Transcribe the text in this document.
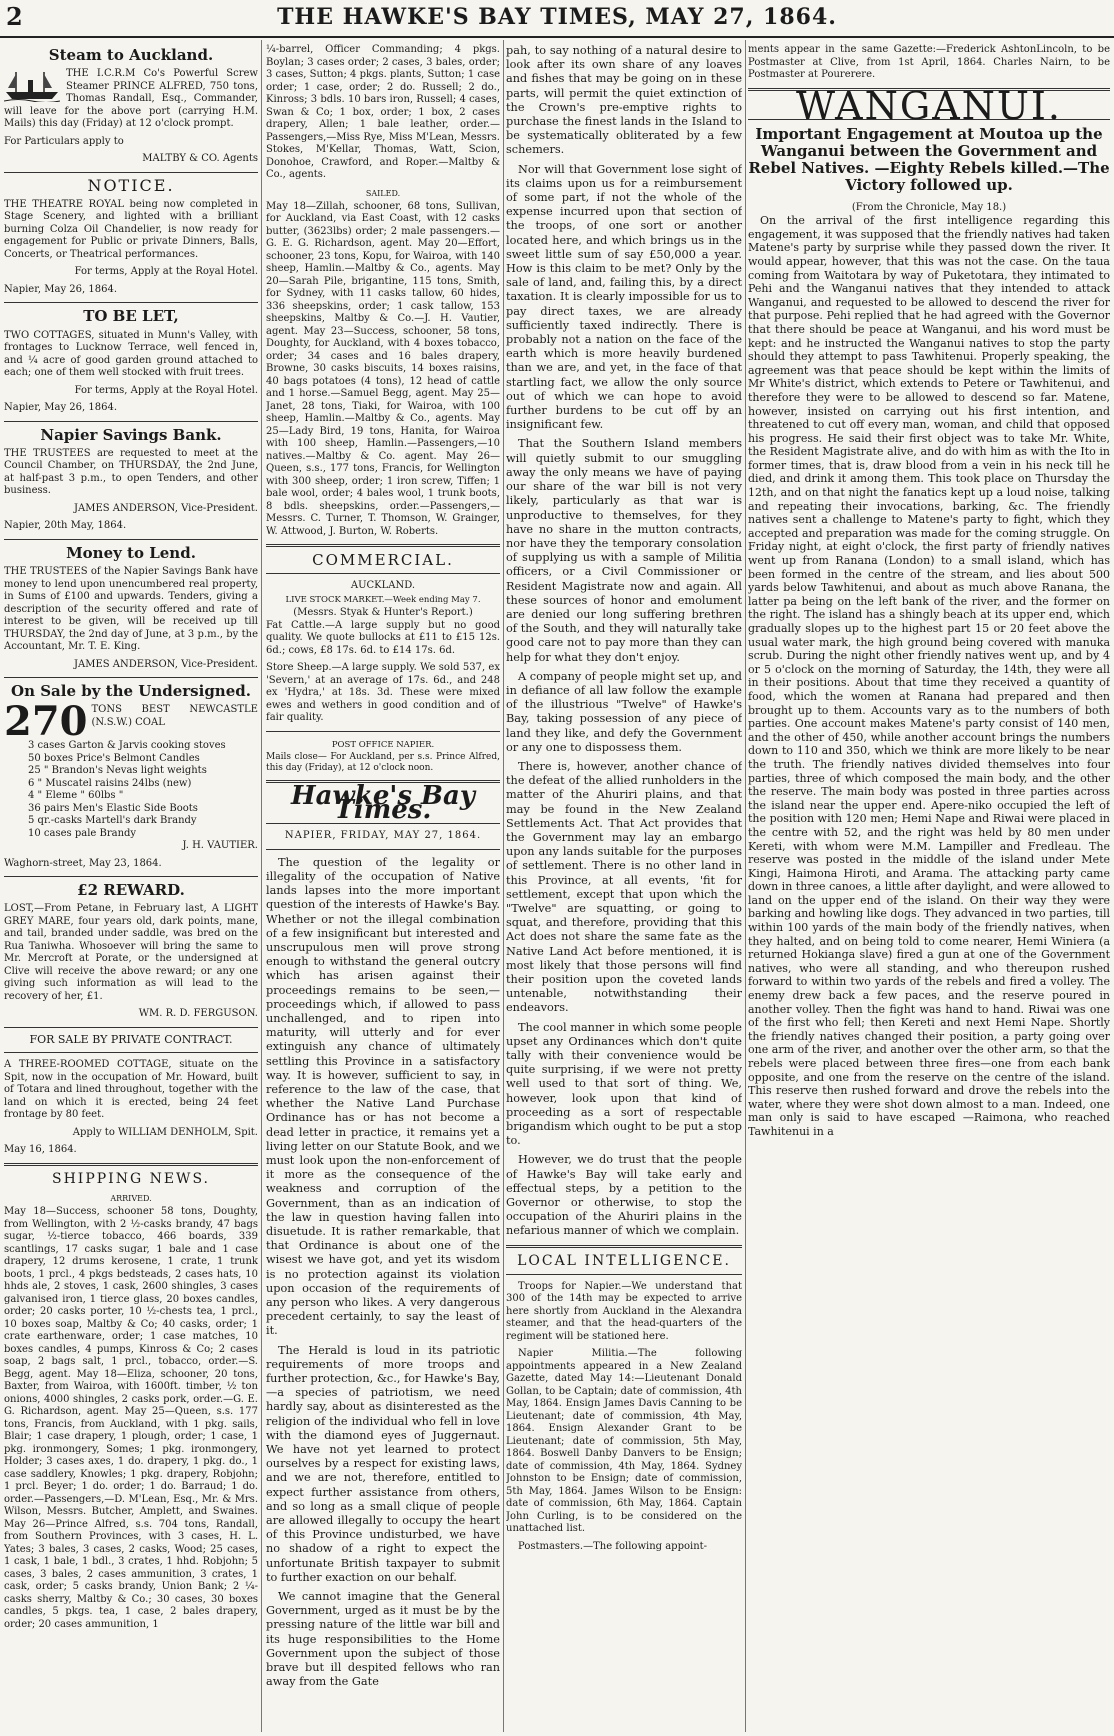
2	THE HAWKE'S BAY TIMES, MAY 27, 1864.
Steam to Auckland.

THE I.C.R.M Co's Powerful Screw Steamer PRINCE ALFRED, 750 tons, Thomas Randall, Esq., Commander, will leave for the above port (carrying H.M. Mails) this day (Friday) at 12 o'clock prompt.

For Particulars apply to

MALTBY & CO. Agents

NOTICE.

THE THEATRE ROYAL being now completed in Stage Scenery, and lighted with a brilliant burning Colza Oil Chandelier, is now ready for engagement for Public or private Dinners, Balls, Concerts, or Theatrical performances.

For terms, Apply at the Royal Hotel.

Napier, May 26, 1864.

TO BE LET,

TWO COTTAGES, situated in Munn's Valley, with frontages to Lucknow Terrace, well fenced in, and ¼ acre of good garden ground attached to each; one of them well stocked with fruit trees.

For terms, Apply at the Royal Hotel.

Napier, May 26, 1864.

Napier Savings Bank.

THE TRUSTEES are requested to meet at the Council Chamber, on THURSDAY, the 2nd June, at half-past 3 p.m., to open Tenders, and other business.

JAMES ANDERSON, Vice-President.

Napier, 20th May, 1864.

Money to Lend.

THE TRUSTEES of the Napier Savings Bank have money to lend upon unencumbered real property, in Sums of £100 and upwards. Tenders, giving a description of the security offered and rate of interest to be given, will be received up till THURSDAY, the 2nd day of June, at 3 p.m., by the Accountant, Mr. T. E. King.

JAMES ANDERSON, Vice-President.

On Sale by the Undersigned.
270 TONS BEST NEWCASTLE (N.S.W.) COAL
3 cases Garton & Jarvis cooking stoves
50 boxes Price's Belmont Candles
25 " Brandon's Nevas light weights
6 " Muscatel raisins 24lbs (new)
4 " Eleme " 60lbs "
36 pairs Men's Elastic Side Boots
5 qr.-casks Martell's dark Brandy
10 cases pale Brandy

J. H. VAUTIER.

Waghorn-street, May 23, 1864.

£2 REWARD.

LOST,—From Petane, in February last, A LIGHT GREY MARE, four years old, dark points, mane, and tail, branded under saddle, was bred on the Rua Taniwha. Whosoever will bring the same to Mr. Mercroft at Porate, or the undersigned at Clive will receive the above reward; or any one giving such information as will lead to the recovery of her, £1.

WM. R. D. FERGUSON.

FOR SALE BY PRIVATE CONTRACT.

A THREE-ROOMED COTTAGE, situate on the Spit, now in the occupation of Mr. Howard, built of Totara and lined throughout, together with the land on which it is erected, being 24 feet frontage by 80 feet.

Apply to WILLIAM DENHOLM, Spit.

May 16, 1864.

SHIPPING NEWS.
ARRIVED.

May 18—Success, schooner 58 tons, Doughty, from Wellington, with 2 ½-casks brandy, 47 bags sugar, ½-tierce tobacco, 466 boards, 339 scantlings, 17 casks sugar, 1 bale and 1 case drapery, 12 drums kerosene, 1 crate, 1 trunk boots, 1 prcl., 4 pkgs bedsteads, 2 cases hats, 10 hhds ale, 2 stoves, 1 cask, 2600 shingles, 3 cases galvanised iron, 1 tierce glass, 20 boxes candles, order; 20 casks porter, 10 ½-chests tea, 1 prcl., 10 boxes soap, Maltby & Co; 40 casks, order; 1 crate earthenware, order; 1 case matches, 10 boxes candles, 4 pumps, Kinross & Co; 2 cases soap, 2 bags salt, 1 prcl., tobacco, order.—S. Begg, agent. May 18—Eliza, schooner, 20 tons, Baxter, from Wairoa, with 1600ft. timber, ½ ton onions, 4000 shingles, 2 casks pork, order.—G. E. G. Richardson, agent. May 25—Queen, s.s. 177 tons, Francis, from Auckland, with 1 pkg. sails, Blair; 1 case drapery, 1 plough, order; 1 case, 1 pkg. ironmongery, Somes; 1 pkg. ironmongery, Holder; 3 cases axes, 1 do. drapery, 1 pkg. do., 1 case saddlery, Knowles; 1 pkg. drapery, Robjohn; 1 prcl. Beyer; 1 do. order; 1 do. Barraud; 1 do. order.—Passengers,—D. M'Lean, Esq., Mr. & Mrs. Wilson, Messrs. Butcher, Amplett, and Swaines. May 26—Prince Alfred, s.s. 704 tons, Randall, from Southern Provinces, with 3 cases, H. L. Yates; 3 bales, 3 cases, 2 casks, Wood; 25 cases, 1 cask, 1 bale, 1 bdl., 3 crates, 1 hhd. Robjohn; 5 cases, 3 bales, 2 cases ammunition, 3 crates, 1 cask, order; 5 casks brandy, Union Bank; 2 ¼-casks sherry, Maltby & Co.; 30 cases, 30 boxes candles, 5 pkgs. tea, 1 case, 2 bales drapery, order; 20 cases ammunition, 1

¼-barrel, Officer Commanding; 4 pkgs. Boylan; 3 cases order; 2 cases, 3 bales, order; 3 cases, Sutton; 4 pkgs. plants, Sutton; 1 case order; 1 case, order; 2 do. Russell; 2 do., Kinross; 3 bdls. 10 bars iron, Russell; 4 cases, Swan & Co; 1 box, order; 1 box, 2 cases drapery, Allen; 1 bale leather, order.—Passengers,—Miss Rye, Miss M'Lean, Messrs. Stokes, M'Kellar, Thomas, Watt, Scion, Donohoe, Crawford, and Roper.—Maltby & Co., agents.

SAILED.

May 18—Zillah, schooner, 68 tons, Sullivan, for Auckland, via East Coast, with 12 casks butter, (3623lbs) order; 2 male passengers.—G. E. G. Richardson, agent. May 20—Effort, schooner, 23 tons, Kopu, for Wairoa, with 140 sheep, Hamlin.—Maltby & Co., agents. May 20—Sarah Pile, brigantine, 115 tons, Smith, for Sydney, with 11 casks tallow, 60 hides, 336 sheepskins, order; 1 cask tallow, 153 sheepskins, Maltby & Co.—J. H. Vautier, agent. May 23—Success, schooner, 58 tons, Doughty, for Auckland, with 4 boxes tobacco, order; 34 cases and 16 bales drapery, Browne, 30 casks biscuits, 14 boxes raisins, 40 bags potatoes (4 tons), 12 head of cattle and 1 horse.—Samuel Begg, agent. May 25—Janet, 28 tons, Tiaki, for Wairoa, with 100 sheep, Hamlin.—Maltby & Co., agents. May 25—Lady Bird, 19 tons, Hanita, for Wairoa with 100 sheep, Hamlin.—Passengers,—10 natives.—Maltby & Co. agent. May 26—Queen, s.s., 177 tons, Francis, for Wellington with 300 sheep, order; 1 iron screw, Tiffen; 1 bale wool, order; 4 bales wool, 1 trunk boots, 8 bdls. sheepskins, order.—Passengers,—Messrs. C. Turner, T. Thomson, W. Grainger, W. Attwood, J. Burton, W. Roberts.

COMMERCIAL.
AUCKLAND.
LIVE STOCK MARKET.—Week ending May 7.
(Messrs. Styak & Hunter's Report.)

Fat Cattle.—A large supply but no good quality. We quote bullocks at £11 to £15 12s. 6d.; cows, £8 17s. 6d. to £14 17s. 6d.

Store Sheep.—A large supply. We sold 537, ex 'Severn,' at an average of 17s. 6d., and 248 ex 'Hydra,' at 18s. 3d. These were mixed ewes and wethers in good condition and of fair quality.

POST OFFICE NAPIER.

Mails close— For Auckland, per s.s. Prince Alfred, this day (Friday), at 12 o'clock noon.

Hawke's Bay Times.
NAPIER, FRIDAY, MAY 27, 1864.

The question of the legality or illegality of the occupation of Native lands lapses into the more important question of the interests of Hawke's Bay. Whether or not the illegal combination of a few insignificant but interested and unscrupulous men will prove strong enough to withstand the general outcry which has arisen against their proceedings remains to be seen,—proceedings which, if allowed to pass unchallenged, and to ripen into maturity, will utterly and for ever extinguish any chance of ultimately settling this Province in a satisfactory way. It is however, sufficient to say, in reference to the law of the case, that whether the Native Land Purchase Ordinance has or has not become a dead letter in practice, it remains yet a living letter on our Statute Book, and we must look upon the non-enforcement of it more as the consequence of the weakness and corruption of the Government, than as an indication of the law in question having fallen into disuetude. It is rather remarkable, that that Ordinance is about one of the wisest we have got, and yet its wisdom is no protection against its violation upon occasion of the requirements of any person who likes. A very dangerous precedent certainly, to say the least of it.

The Herald is loud in its patriotic requirements of more troops and further protection, &c., for Hawke's Bay,—a species of patriotism, we need hardly say, about as disinterested as the religion of the individual who fell in love with the diamond eyes of Juggernaut. We have not yet learned to protect ourselves by a respect for existing laws, and we are not, therefore, entitled to expect further assistance from others, and so long as a small clique of people are allowed illegally to occupy the heart of this Province undisturbed, we have no shadow of a right to expect the unfortunate British taxpayer to submit to further exaction on our behalf.

We cannot imagine that the General Government, urged as it must be by the pressing nature of the little war bill and its huge responsibilities to the Home Government upon the subject of those brave but ill despited fellows who ran away from the Gate

pah, to say nothing of a natural desire to look after its own share of any loaves and fishes that may be going on in these parts, will permit the quiet extinction of the Crown's pre-emptive rights to purchase the finest lands in the Island to be systematically obliterated by a few schemers.

Nor will that Government lose sight of its claims upon us for a reimbursement of some part, if not the whole of the expense incurred upon that section of the troops, of one sort or another located here, and which brings us in the sweet little sum of say £50,000 a year. How is this claim to be met? Only by the sale of land, and, failing this, by a direct taxation. It is clearly impossible for us to pay direct taxes, we are already sufficiently taxed indirectly. There is probably not a nation on the face of the earth which is more heavily burdened than we are, and yet, in the face of that startling fact, we allow the only source out of which we can hope to avoid further burdens to be cut off by an insignificant few.

That the Southern Island members will quietly submit to our smuggling away the only means we have of paying our share of the war bill is not very likely, particularly as that war is unproductive to themselves, for they have no share in the mutton contracts, nor have they the temporary consolation of supplying us with a sample of Militia officers, or a Civil Commissioner or Resident Magistrate now and again. All these sources of honor and emolument are denied our long suffering brethren of the South, and they will naturally take good care not to pay more than they can help for what they don't enjoy.

A company of people might set up, and in defiance of all law follow the example of the illustrious "Twelve" of Hawke's Bay, taking possession of any piece of land they like, and defy the Government or any one to dispossess them.

There is, however, another chance of the defeat of the allied runholders in the matter of the Ahuriri plains, and that may be found in the New Zealand Settlements Act. That Act provides that the Government may lay an embargo upon any lands suitable for the purposes of settlement. There is no other land in this Province, at all events, 'fit for settlement, except that upon which the "Twelve" are squatting, or going to squat, and therefore, providing that this Act does not share the same fate as the Native Land Act before mentioned, it is most likely that those persons will find their position upon the coveted lands untenable, notwithstanding their endeavors.

The cool manner in which some people upset any Ordinances which don't quite tally with their convenience would be quite surprising, if we were not pretty well used to that sort of thing. We, however, look upon that kind of proceeding as a sort of respectable brigandism which ought to be put a stop to.

However, we do trust that the people of Hawke's Bay will take early and effectual steps, by a petition to the Governor or otherwise, to stop the occupation of the Ahuriri plains in the nefarious manner of which we complain.

LOCAL INTELLIGENCE.

Troops for Napier.—We understand that 300 of the 14th may be expected to arrive here shortly from Auckland in the Alexandra steamer, and that the head-quarters of the regiment will be stationed here.

Napier Militia.—The following appointments appeared in a New Zealand Gazette, dated May 14:—Lieutenant Donald Gollan, to be Captain; date of commission, 4th May, 1864. Ensign James Davis Canning to be Lieutenant; date of commission, 4th May, 1864. Ensign Alexander Grant to be Lieutenant; date of commission, 5th May, 1864. Boswell Danby Danvers to be Ensign; date of commission, 4th May, 1864. Sydney Johnston to be Ensign; date of commission, 5th May, 1864. James Wilson to be Ensign: date of commission, 6th May, 1864. Captain John Curling, is to be considered on the unattached list.

Postmasters.—The following appoint-

ments appear in the same Gazette:—Frederick AshtonLincoln, to be Postmaster at Clive, from 1st April, 1864. Charles Nairn, to be Postmaster at Pourerere.

WANGANUI.
Important Engagement at Moutoa up the Wanganui between the Government and Rebel Natives. —Eighty Rebels killed.—The Victory followed up.
(From the Chronicle, May 18.)

On the arrival of the first intelligence regarding this engagement, it was supposed that the friendly natives had taken Matene's party by surprise while they passed down the river. It would appear, however, that this was not the case. On the taua coming from Waitotara by way of Puketotara, they intimated to Pehi and the Wanganui natives that they intended to attack Wanganui, and requested to be allowed to descend the river for that purpose. Pehi replied that he had agreed with the Governor that there should be peace at Wanganui, and his word must be kept: and he instructed the Wanganui natives to stop the party should they attempt to pass Tawhitenui. Properly speaking, the agreement was that peace should be kept within the limits of Mr White's district, which extends to Petere or Tawhitenui, and therefore they were to be allowed to descend so far. Matene, however, insisted on carrying out his first intention, and threatened to cut off every man, woman, and child that opposed his progress. He said their first object was to take Mr. White, the Resident Magistrate alive, and do with him as with the Ito in former times, that is, draw blood from a vein in his neck till he died, and drink it among them. This took place on Thursday the 12th, and on that night the fanatics kept up a loud noise, talking and repeating their invocations, barking, &c. The friendly natives sent a challenge to Matene's party to fight, which they accepted and preparation was made for the coming struggle. On Friday night, at eight o'clock, the first party of friendly natives went up from Ranana (London) to a small island, which has been formed in the centre of the stream, and lies about 500 yards below Tawhitenui, and about as much above Ranana, the latter pa being on the left bank of the river, and the former on the right. The island has a shingly beach at its upper end, which gradually slopes up to the highest part 15 or 20 feet above the usual water mark, the high ground being covered with manuka scrub. During the night other friendly natives went up, and by 4 or 5 o'clock on the morning of Saturday, the 14th, they were all in their positions. About that time they received a quantity of food, which the women at Ranana had prepared and then brought up to them. Accounts vary as to the numbers of both parties. One account makes Matene's party consist of 140 men, and the other of 450, while another account brings the numbers down to 110 and 350, which we think are more likely to be near the truth. The friendly natives divided themselves into four parties, three of which composed the main body, and the other the reserve. The main body was posted in three parties across the island near the upper end. Apere-niko occupied the left of the position with 120 men; Hemi Nape and Riwai were placed in the centre with 52, and the right was held by 80 men under Kereti, with whom were M.M. Lampiller and Fredleau. The reserve was posted in the middle of the island under Mete Kingi, Haimona Hiroti, and Arama. The attacking party came down in three canoes, a little after daylight, and were allowed to land on the upper end of the island. On their way they were barking and howling like dogs. They advanced in two parties, till within 100 yards of the main body of the friendly natives, when they halted, and on being told to come nearer, Hemi Winiera (a returned Hokianga slave) fired a gun at one of the Government natives, who were all standing, and who thereupon rushed forward to within two yards of the rebels and fired a volley. The enemy drew back a few paces, and the reserve poured in another volley. Then the fight was hand to hand. Riwai was one of the first who fell; then Kereti and next Hemi Nape. Shortly the friendly natives changed their position, a party going over one arm of the river, and another over the other arm, so that the rebels were placed between three fires—one from each bank opposite, and one from the reserve on the centre of the island. This reserve then rushed forward and drove the rebels into the water, where they were shot down almost to a man. Indeed, one man only is said to have escaped —Raimona, who reached Tawhitenui in a
